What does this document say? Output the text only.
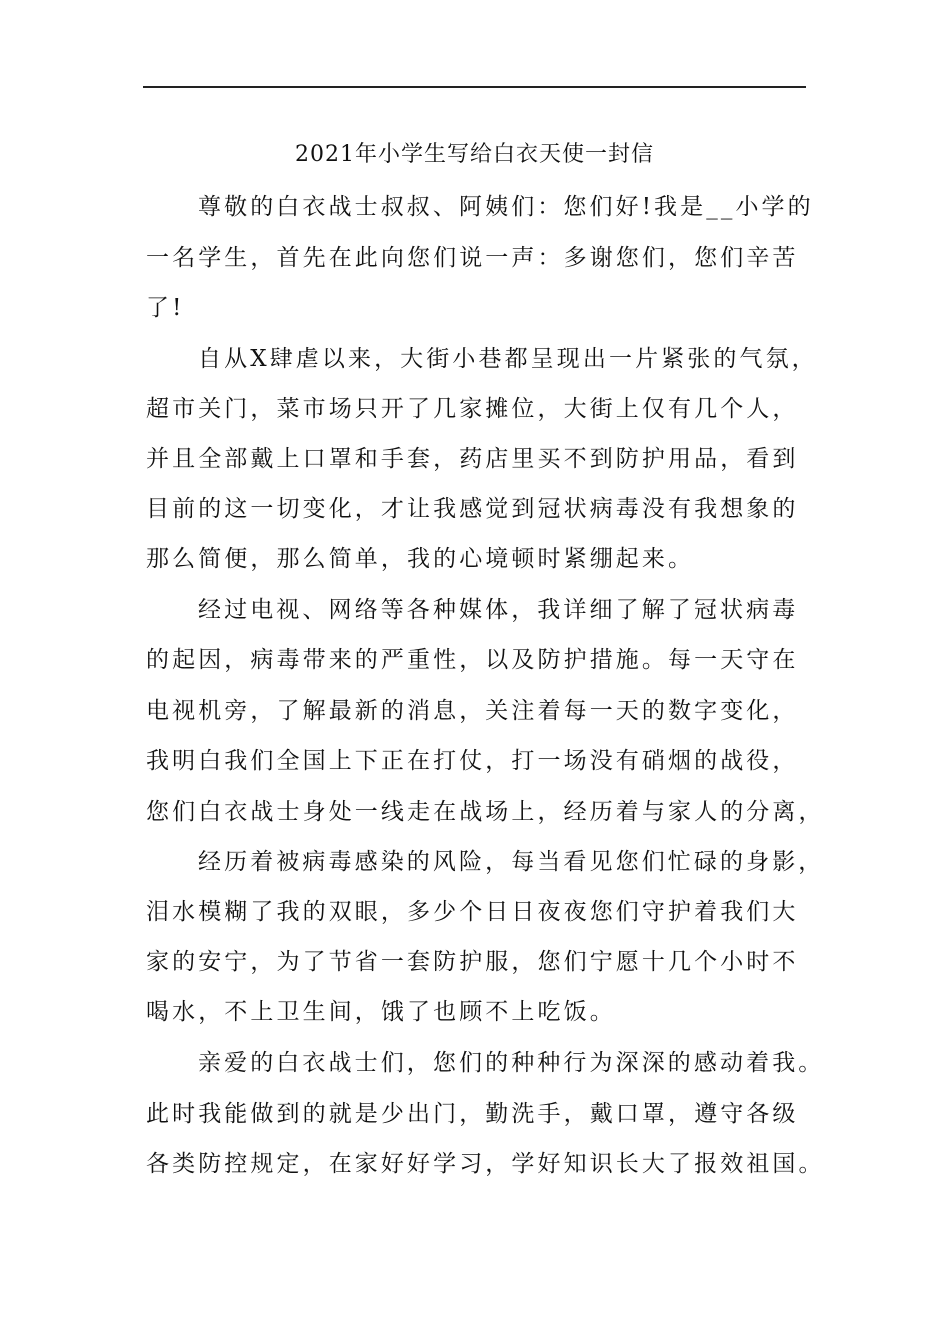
2021年小学生写给白衣天使一封信
尊敬的白衣战士叔叔、阿姨们：您们好!我是__小学的
一名学生，首先在此向您们说一声：多谢您们，您们辛苦
了!
自从X肆虐以来，大街小巷都呈现出一片紧张的气氛，
超市关门，菜市场只开了几家摊位，大街上仅有几个人，
并且全部戴上口罩和手套，药店里买不到防护用品，看到
目前的这一切变化，才让我感觉到冠状病毒没有我想象的
那么简便，那么简单，我的心境顿时紧绷起来。
经过电视、网络等各种媒体，我详细了解了冠状病毒
的起因，病毒带来的严重性，以及防护措施。每一天守在
电视机旁，了解最新的消息，关注着每一天的数字变化，
我明白我们全国上下正在打仗，打一场没有硝烟的战役，
您们白衣战士身处一线走在战场上，经历着与家人的分离，
经历着被病毒感染的风险，每当看见您们忙碌的身影，
泪水模糊了我的双眼，多少个日日夜夜您们守护着我们大
家的安宁，为了节省一套防护服，您们宁愿十几个小时不
喝水，不上卫生间，饿了也顾不上吃饭。
亲爱的白衣战士们，您们的种种行为深深的感动着我。
此时我能做到的就是少出门，勤洗手，戴口罩，遵守各级
各类防控规定，在家好好学习，学好知识长大了报效祖国。
